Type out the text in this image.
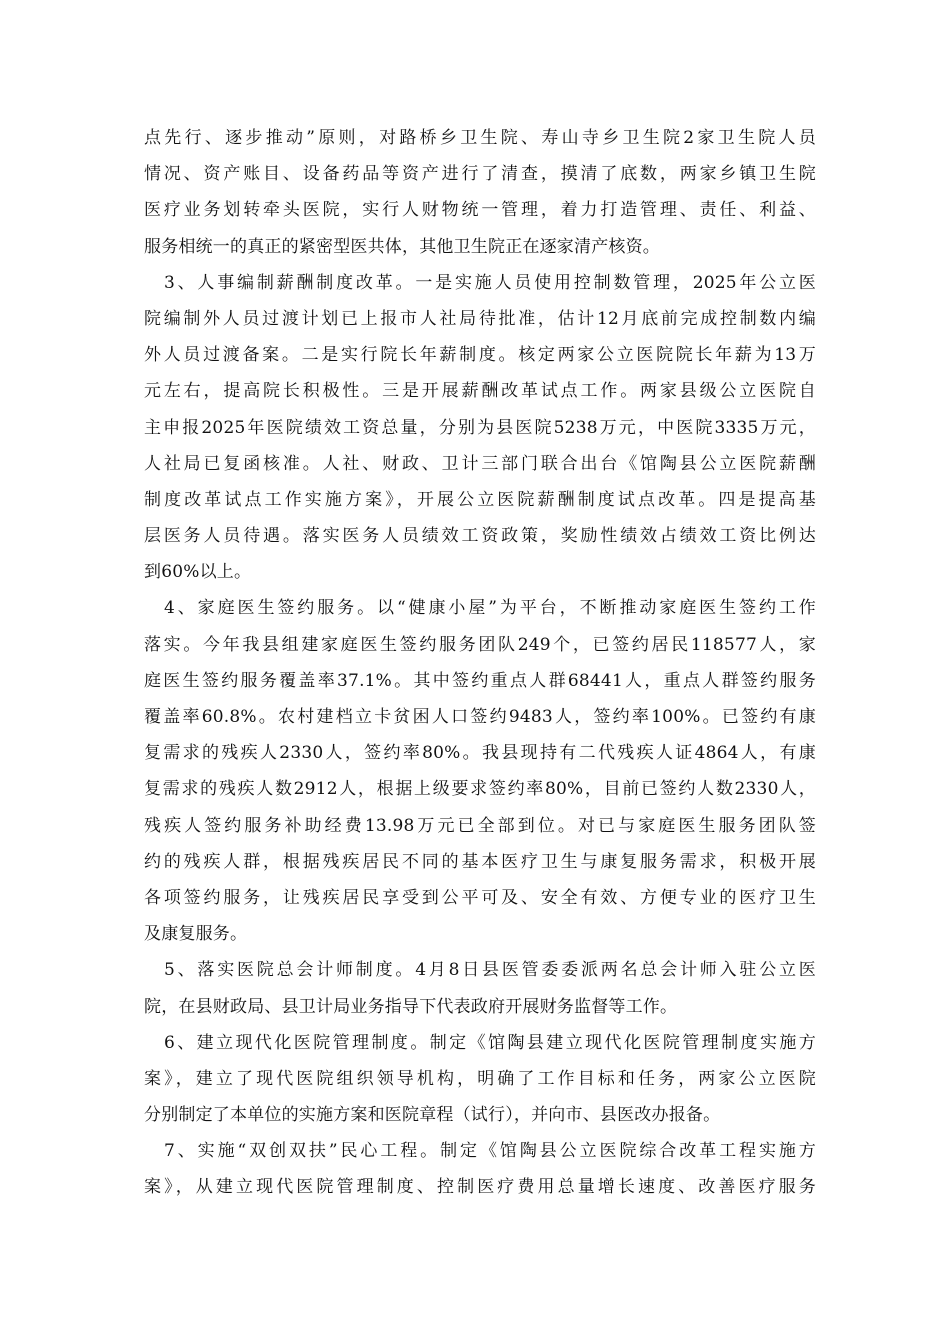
点先行、逐步推动”原则，对路桥乡卫生院、寿山寺乡卫生院2家卫生院人员
情况、资产账目、设备药品等资产进行了清查，摸清了底数，两家乡镇卫生院
医疗业务划转牵头医院，实行人财物统一管理，着力打造管理、责任、利益、
服务相统一的真正的紧密型医共体，其他卫生院正在逐家清产核资。
3、人事编制薪酬制度改革。一是实施人员使用控制数管理，2025年公立医
院编制外人员过渡计划已上报市人社局待批准，估计12月底前完成控制数内编
外人员过渡备案。二是实行院长年薪制度。核定两家公立医院院长年薪为13万
元左右，提高院长积极性。三是开展薪酬改革试点工作。两家县级公立医院自
主申报2025年医院绩效工资总量，分别为县医院5238万元，中医院3335万元，
人社局已复函核准。人社、财政、卫计三部门联合出台《馆陶县公立医院薪酬
制度改革试点工作实施方案》，开展公立医院薪酬制度试点改革。四是提高基
层医务人员待遇。落实医务人员绩效工资政策，奖励性绩效占绩效工资比例达
到60%以上。
4、家庭医生签约服务。以“健康小屋”为平台，不断推动家庭医生签约工作
落实。今年我县组建家庭医生签约服务团队249个，已签约居民118577人，家
庭医生签约服务覆盖率37.1%。其中签约重点人群68441人，重点人群签约服务
覆盖率60.8%。农村建档立卡贫困人口签约9483人，签约率100%。已签约有康
复需求的残疾人2330人，签约率80%。我县现持有二代残疾人证4864人，有康
复需求的残疾人数2912人，根据上级要求签约率80%，目前已签约人数2330人，
残疾人签约服务补助经费13.98万元已全部到位。对已与家庭医生服务团队签
约的残疾人群，根据残疾居民不同的基本医疗卫生与康复服务需求，积极开展
各项签约服务，让残疾居民享受到公平可及、安全有效、方便专业的医疗卫生
及康复服务。
5、落实医院总会计师制度。4月8日县医管委委派两名总会计师入驻公立医
院，在县财政局、县卫计局业务指导下代表政府开展财务监督等工作。
6、建立现代化医院管理制度。制定《馆陶县建立现代化医院管理制度实施方
案》，建立了现代医院组织领导机构，明确了工作目标和任务，两家公立医院
分别制定了本单位的实施方案和医院章程（试行），并向市、县医改办报备。
7、实施“双创双扶”民心工程。制定《馆陶县公立医院综合改革工程实施方
案》，从建立现代医院管理制度、控制医疗费用总量增长速度、改善医疗服务
